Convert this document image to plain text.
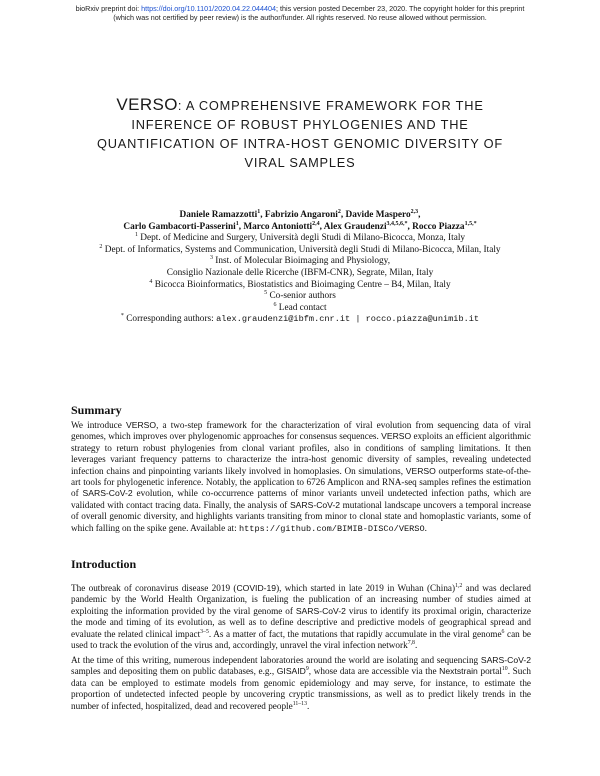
bioRxiv preprint doi: https://doi.org/10.1101/2020.04.22.044404; this version posted December 23, 2020. The copyright holder for this preprint
(which was not certified by peer review) is the author/funder. All rights reserved. No reuse allowed without permission.
VERSO: A COMPREHENSIVE FRAMEWORK FOR THE
INFERENCE OF ROBUST PHYLOGENIES AND THE
QUANTIFICATION OF INTRA-HOST GENOMIC DIVERSITY OF
VIRAL SAMPLES
Daniele Ramazzotti$^1$, Fabrizio Angaroni$^2$, Davide Maspero$^{2,3}$,
Carlo Gambacorti-Passerini$^1$, Marco Antoniotti$^{2,4}$, Alex Graudenzi$^{3,4,5,6,*}$, Rocco Piazza$^{1,5,*}$
$^1$ Dept. of Medicine and Surgery, Università degli Studi di Milano-Bicocca, Monza, Italy
$^2$ Dept. of Informatics, Systems and Communication, Università degli Studi di Milano-Bicocca, Milan, Italy
$^3$ Inst. of Molecular Bioimaging and Physiology,
Consiglio Nazionale delle Ricerche (IBFM-CNR), Segrate, Milan, Italy
$^4$ Bicocca Bioinformatics, Biostatistics and Bioimaging Centre – B4, Milan, Italy
$^5$ Co-senior authors
$^6$ Lead contact
* Corresponding authors: alex.graudenzi@ibfm.cnr.it | rocco.piazza@unimib.it
Summary
We introduce VERSO, a two-step framework for the characterization of viral evolution from sequencing data of viral genomes, which improves over phylogenomic approaches for consensus sequences. VERSO exploits an efficient algorithmic strategy to return robust phylogenies from clonal variant profiles, also in conditions of sampling limitations. It then leverages variant frequency patterns to characterize the intra-host genomic diversity of samples, revealing undetected infection chains and pinpointing variants likely involved in homoplasies. On simulations, VERSO outperforms state-of-the-art tools for phylogenetic inference. Notably, the application to 6726 Amplicon and RNA-seq samples refines the estimation of SARS-CoV-2 evolution, while co-occurrence patterns of minor variants unveil undetected infection paths, which are validated with contact tracing data. Finally, the analysis of SARS-CoV-2 mutational landscape uncovers a temporal increase of overall genomic diversity, and highlights variants transiting from minor to clonal state and homoplastic variants, some of which falling on the spike gene. Available at: https://github.com/BIMIB-DISCo/VERSO.
Introduction
The outbreak of coronavirus disease 2019 (COVID-19), which started in late 2019 in Wuhan (China)$^{1,2}$ and was declared pandemic by the World Health Organization, is fueling the publication of an increasing number of studies aimed at exploiting the information provided by the viral genome of SARS-CoV-2 virus to identify its proximal origin, characterize the mode and timing of its evolution, as well as to define descriptive and predictive models of geographical spread and evaluate the related clinical impact$^{3-5}$. As a matter of fact, the mutations that rapidly accumulate in the viral genome$^6$ can be used to track the evolution of the virus and, accordingly, unravel the viral infection network$^{7,8}$.
At the time of this writing, numerous independent laboratories around the world are isolating and sequencing SARS-CoV-2 samples and depositing them on public databases, e.g., GISAID$^9$, whose data are accessible via the Nextstrain portal$^{10}$. Such data can be employed to estimate models from genomic epidemiology and may serve, for instance, to estimate the proportion of undetected infected people by uncovering cryptic transmissions, as well as to predict likely trends in the number of infected, hospitalized, dead and recovered people$^{11-13}$.
